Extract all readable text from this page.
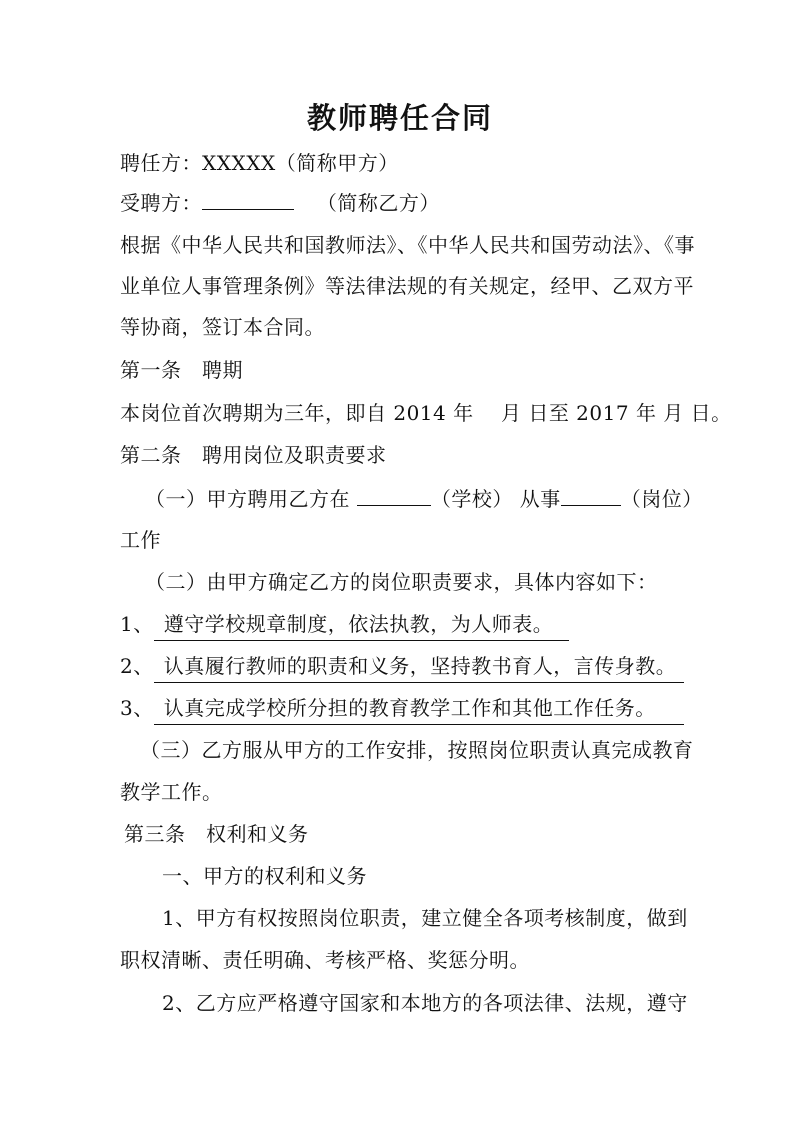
教师聘任合同
聘任方：XXXXX（简称甲方）
受聘方：	（简称乙方）
根据《中华人民共和国教师法》、《中华人民共和国劳动法》、《事
业单位人事管理条例》等法律法规的有关规定，经甲、乙双方平
等协商，签订本合同。
第一条　聘期
本岗位首次聘期为三年，即自 2014 年　 月 日至 2017 年 月 日。
第二条　聘用岗位及职责要求
（一）甲方聘用乙方在	（学校） 从事	（岗位）
工作
（二）由甲方确定乙方的岗位职责要求，具体内容如下：
1、 遵守学校规章制度，依法执教，为人师表。
2、 认真履行教师的职责和义务，坚持教书育人，言传身教。
3、 认真完成学校所分担的教育教学工作和其他工作任务。
（三）乙方服从甲方的工作安排，按照岗位职责认真完成教育
教学工作。
第三条　权利和义务
一、甲方的权利和义务
1、甲方有权按照岗位职责，建立健全各项考核制度，做到
职权清晰、责任明确、考核严格、奖惩分明。
2、乙方应严格遵守国家和本地方的各项法律、法规，遵守
